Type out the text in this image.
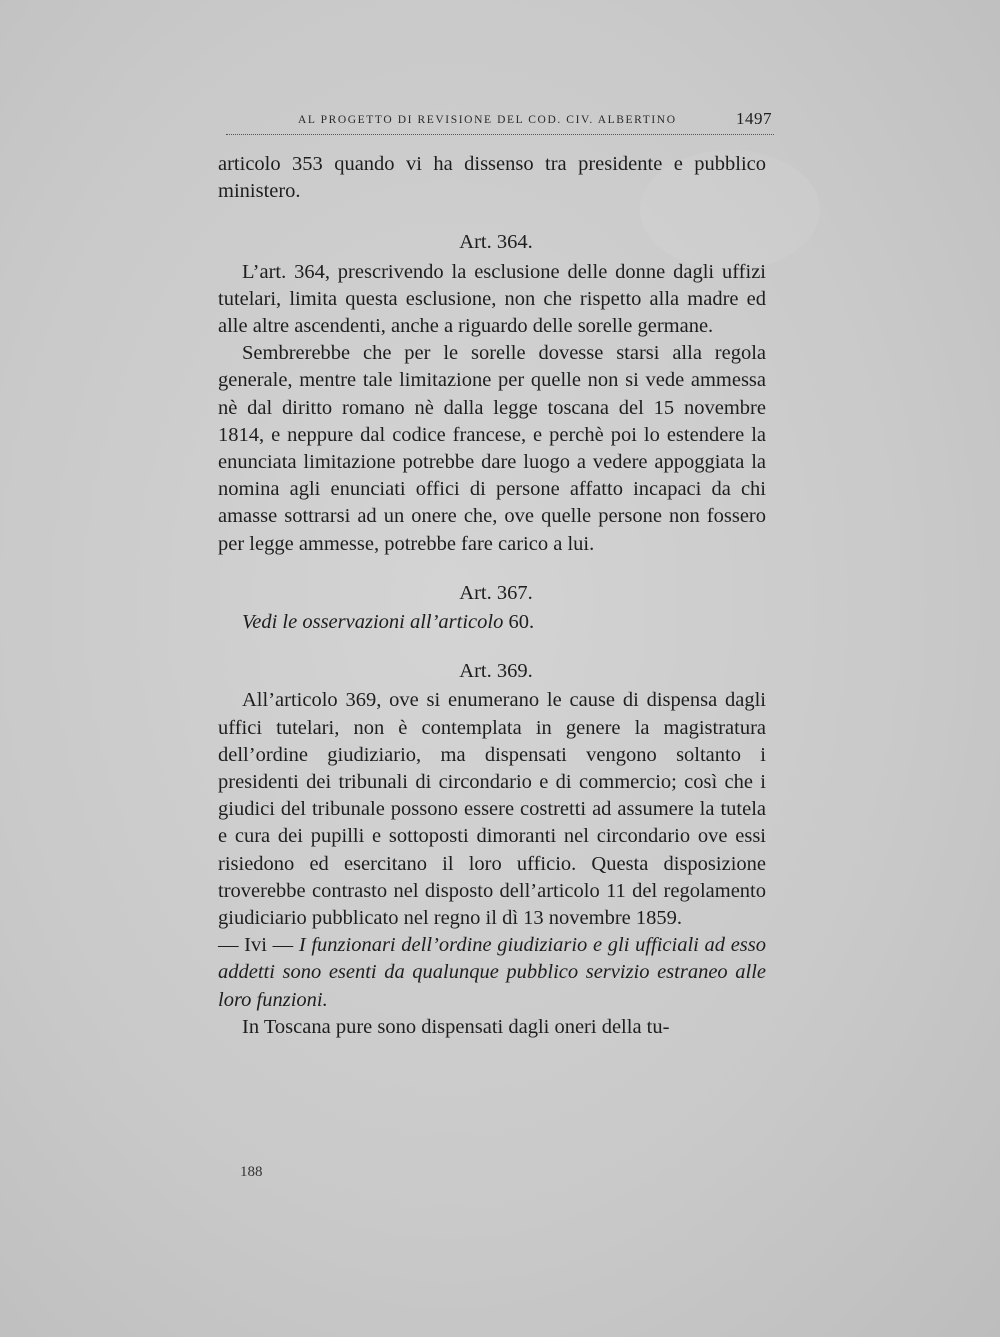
AL PROGETTO DI REVISIONE DEL COD. CIV. ALBERTINO	1497

articolo 353 quando vi ha dissenso tra presidente e pubblico ministero.

Art. 364.

L’art. 364, prescrivendo la esclusione delle donne dagli uffizi tutelari, limita questa esclusione, non che rispetto alla madre ed alle altre ascendenti, anche a riguardo delle sorelle germane.

Sembrerebbe che per le sorelle dovesse starsi alla regola generale, mentre tale limitazione per quelle non si vede ammessa nè dal diritto romano nè dalla legge toscana del 15 novembre 1814, e neppure dal codice francese, e perchè poi lo estendere la enunciata limitazione potrebbe dare luogo a vedere appoggiata la nomina agli enunciati offici di persone affatto incapaci da chi amasse sottrarsi ad un onere che, ove quelle persone non fossero per legge ammesse, potrebbe fare carico a lui.

Art. 367.

Vedi le osservazioni all’articolo 60.

Art. 369.

All’articolo 369, ove si enumerano le cause di dispensa dagli uffici tutelari, non è contemplata in genere la magistratura dell’ordine giudiziario, ma dispensati vengono soltanto i presidenti dei tribunali di circondario e di commercio; così che i giudici del tribunale possono essere costretti ad assumere la tutela e cura dei pupilli e sottoposti dimoranti nel circondario ove essi risiedono ed esercitano il loro ufficio. Questa disposizione troverebbe contrasto nel disposto dell’articolo 11 del regolamento giudiciario pubblicato nel regno il dì 13 novembre 1859.

— Ivi — I funzionari dell’ordine giudiziario e gli ufficiali ad esso addetti sono esenti da qualunque pubblico servizio estraneo alle loro funzioni.

In Toscana pure sono dispensati dagli oneri della tu-

188
